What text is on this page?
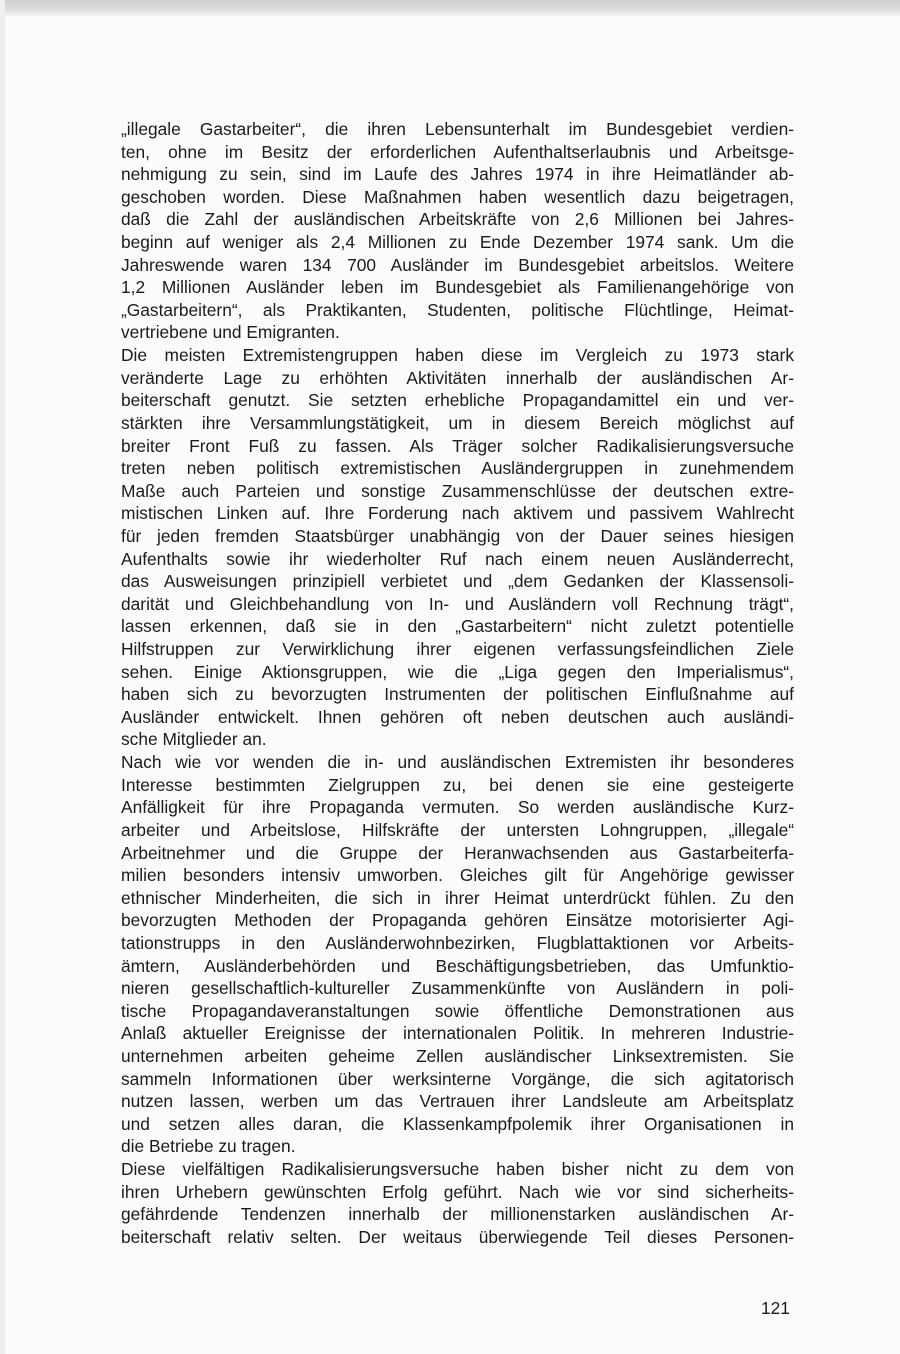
„illegale Gastarbeiter“, die ihren Lebensunterhalt im Bundesgebiet verdien-
ten, ohne im Besitz der erforderlichen Aufenthaltserlaubnis und Arbeitsge-
nehmigung zu sein, sind im Laufe des Jahres 1974 in ihre Heimatländer ab-
geschoben worden. Diese Maßnahmen haben wesentlich dazu beigetragen,
daß die Zahl der ausländischen Arbeitskräfte von 2,6 Millionen bei Jahres-
beginn auf weniger als 2,4 Millionen zu Ende Dezember 1974 sank. Um die
Jahreswende waren 134 700 Ausländer im Bundesgebiet arbeitslos. Weitere
1,2 Millionen Ausländer leben im Bundesgebiet als Familienangehörige von
„Gastarbeitern“, als Praktikanten, Studenten, politische Flüchtlinge, Heimat-
vertriebene und Emigranten.
Die meisten Extremistengruppen haben diese im Vergleich zu 1973 stark
veränderte Lage zu erhöhten Aktivitäten innerhalb der ausländischen Ar-
beiterschaft genutzt. Sie setzten erhebliche Propagandamittel ein und ver-
stärkten ihre Versammlungstätigkeit, um in diesem Bereich möglichst auf
breiter Front Fuß zu fassen. Als Träger solcher Radikalisierungsversuche
treten neben politisch extremistischen Ausländergruppen in zunehmendem
Maße auch Parteien und sonstige Zusammenschlüsse der deutschen extre-
mistischen Linken auf. Ihre Forderung nach aktivem und passivem Wahlrecht
für jeden fremden Staatsbürger unabhängig von der Dauer seines hiesigen
Aufenthalts sowie ihr wiederholter Ruf nach einem neuen Ausländerrecht,
das Ausweisungen prinzipiell verbietet und „dem Gedanken der Klassensoli-
darität und Gleichbehandlung von In- und Ausländern voll Rechnung trägt“,
lassen erkennen, daß sie in den „Gastarbeitern“ nicht zuletzt potentielle
Hilfstruppen zur Verwirklichung ihrer eigenen verfassungsfeindlichen Ziele
sehen. Einige Aktionsgruppen, wie die „Liga gegen den Imperialismus“,
haben sich zu bevorzugten Instrumenten der politischen Einflußnahme auf
Ausländer entwickelt. Ihnen gehören oft neben deutschen auch ausländi-
sche Mitglieder an.
Nach wie vor wenden die in- und ausländischen Extremisten ihr besonderes
Interesse bestimmten Zielgruppen zu, bei denen sie eine gesteigerte
Anfälligkeit für ihre Propaganda vermuten. So werden ausländische Kurz-
arbeiter und Arbeitslose, Hilfskräfte der untersten Lohngruppen, „illegale“
Arbeitnehmer und die Gruppe der Heranwachsenden aus Gastarbeiterfa-
milien besonders intensiv umworben. Gleiches gilt für Angehörige gewisser
ethnischer Minderheiten, die sich in ihrer Heimat unterdrückt fühlen. Zu den
bevorzugten Methoden der Propaganda gehören Einsätze motorisierter Agi-
tationstrupps in den Ausländerwohnbezirken, Flugblattaktionen vor Arbeits-
ämtern, Ausländerbehörden und Beschäftigungsbetrieben, das Umfunktio-
nieren gesellschaftlich-kultureller Zusammenkünfte von Ausländern in poli-
tische Propagandaveranstaltungen sowie öffentliche Demonstrationen aus
Anlaß aktueller Ereignisse der internationalen Politik. In mehreren Industrie-
unternehmen arbeiten geheime Zellen ausländischer Linksextremisten. Sie
sammeln Informationen über werksinterne Vorgänge, die sich agitatorisch
nutzen lassen, werben um das Vertrauen ihrer Landsleute am Arbeitsplatz
und setzen alles daran, die Klassenkampfpolemik ihrer Organisationen in
die Betriebe zu tragen.
Diese vielfältigen Radikalisierungsversuche haben bisher nicht zu dem von
ihren Urhebern gewünschten Erfolg geführt. Nach wie vor sind sicherheits-
gefährdende Tendenzen innerhalb der millionenstarken ausländischen Ar-
beiterschaft relativ selten. Der weitaus überwiegende Teil dieses Personen-
121
